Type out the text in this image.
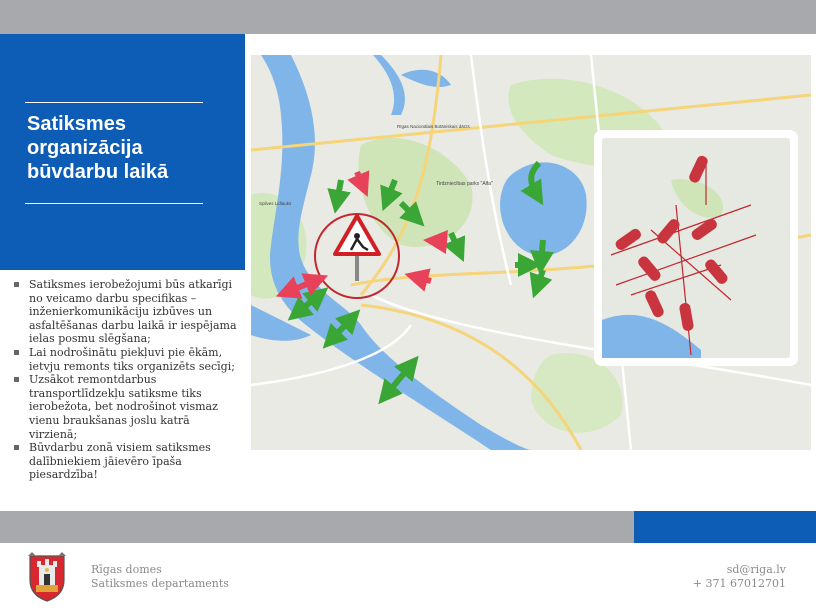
Satiksmes
organizācija
būvdarbu laikā
Satiksmes ierobežojumi būs atkarīgi no veicamo darbu specifikas – inženierkomunikāciju izbūves un asfaltēšanas darbu laikā ir iespējama ielas posmu slēgšana;
Lai nodrošinātu piekļuvi pie ēkām, ietvju remonts tiks organizēts secīgi;
Uzsākot remontdarbus transportlīdzekļu satiksme tiks ierobežota, bet nodrošinot vismaz vienu braukšanas joslu katrā virzienā;
Būvdarbu zonā visiem satiksmes dalībniekiem jāievēro īpaša piesardzība!
Rīga
Tirdzniecības parks "Alfa"
Rīgas Nacionālais Botāniskais dārzs
Spilves Lidlauks
Rīgas domes
Satiksmes departaments
sd@riga.lv
+ 371 67012701
